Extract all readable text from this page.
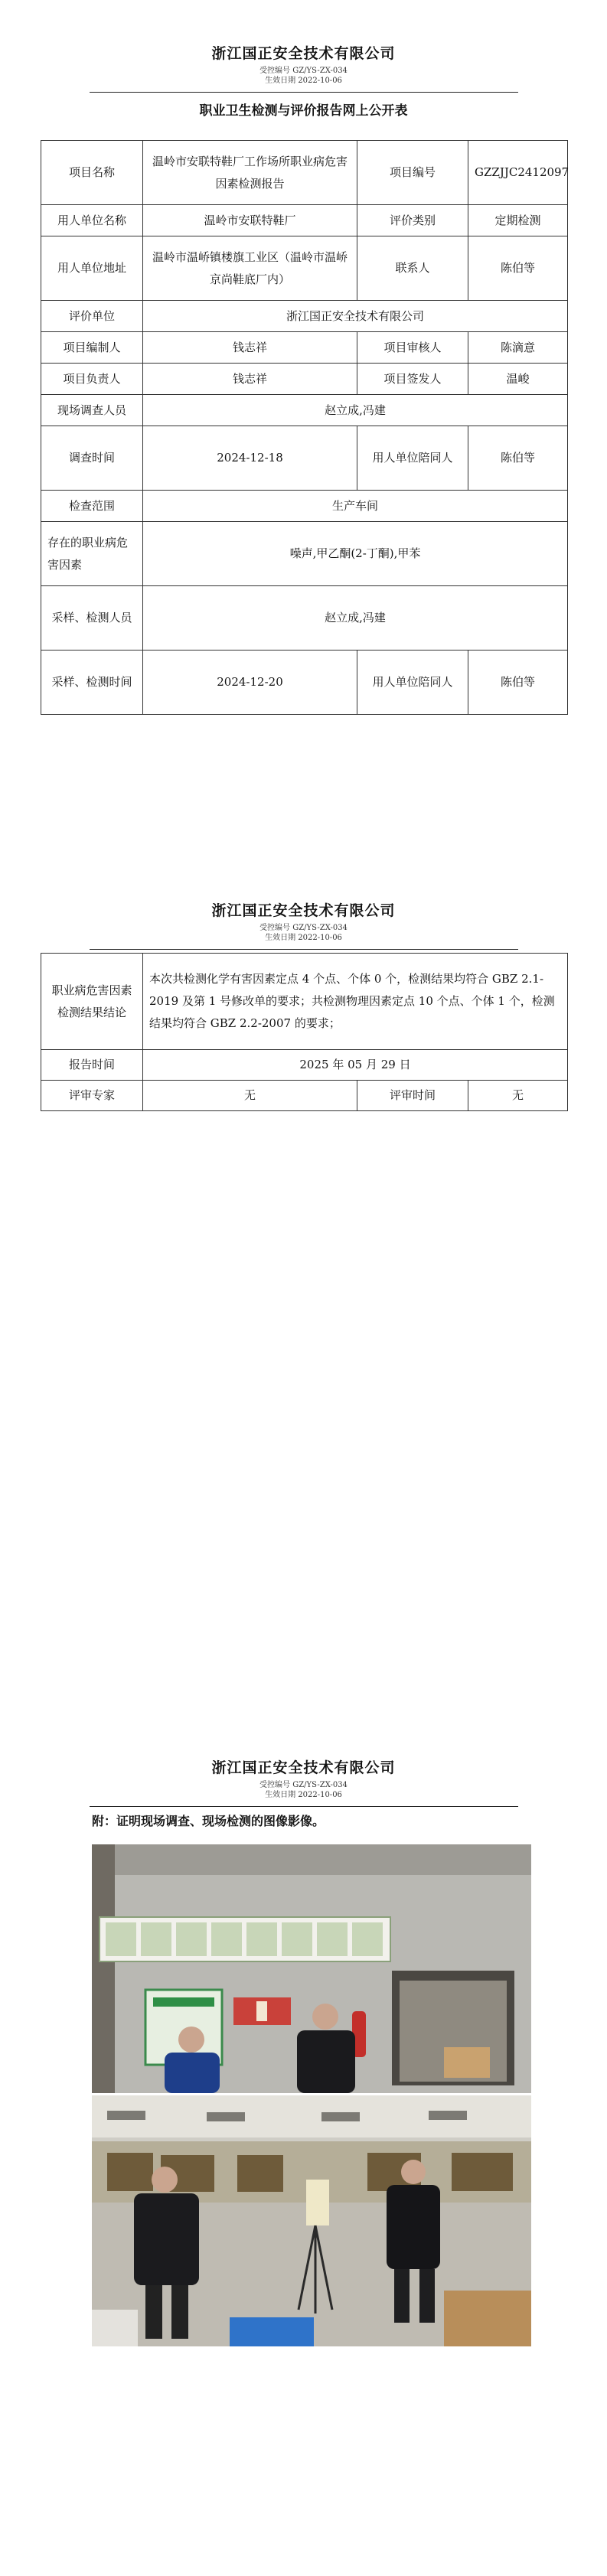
浙江国正安全技术有限公司
受控编号 GZ/YS-ZX-034
生效日期 2022-10-06
职业卫生检测与评价报告网上公开表
项目名称	温岭市安联特鞋厂工作场所职业病危害因素检测报告	项目编号	GZZJJC2412097
用人单位名称	温岭市安联特鞋厂	评价类别	定期检测
用人单位地址	温岭市温峤镇楼旗工业区（温岭市温峤京尚鞋底厂内）	联系人	陈伯等
评价单位	浙江国正安全技术有限公司		
项目编制人	钱志祥	项目审核人	陈滴意
项目负责人	钱志祥	项目签发人	温峻
现场调查人员	赵立成,冯建		
调查时间	2024-12-18	用人单位陪同人	陈伯等
检查范围	生产车间		
存在的职业病危害因素	噪声,甲乙酮(2-丁酮),甲苯		
采样、检测人员	赵立成,冯建		
采样、检测时间	2024-12-20	用人单位陪同人	陈伯等
浙江国正安全技术有限公司
受控编号 GZ/YS-ZX-034
生效日期 2022-10-06
职业病危害因素检测结果结论	本次共检测化学有害因素定点 4 个点、个体 0 个，检测结果均符合 GBZ 2.1-2019 及第 1 号修改单的要求；共检测物理因素定点 10 个点、个体 1 个，检测结果均符合 GBZ 2.2-2007 的要求；		
报告时间	2025 年 05 月 29 日		
评审专家	无	评审时间	无
浙江国正安全技术有限公司
受控编号 GZ/YS-ZX-034
生效日期 2022-10-06
附：证明现场调查、现场检测的图像影像。
